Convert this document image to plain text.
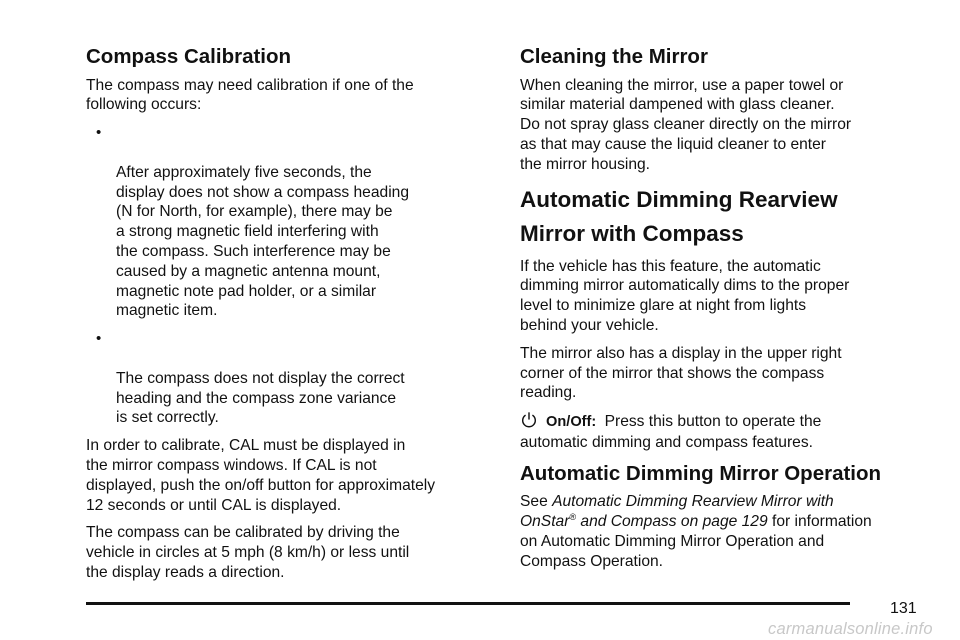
Compass Calibration

The compass may need calibration if one of the
following occurs:

•

After approximately five seconds, the
display does not show a compass heading
(N for North, for example), there may be
a strong magnetic field interfering with
the compass. Such interference may be
caused by a magnetic antenna mount,
magnetic note pad holder, or a similar
magnetic item.

•

The compass does not display the correct
heading and the compass zone variance
is set correctly.

In order to calibrate, CAL must be displayed in
the mirror compass windows. If CAL is not
displayed, push the on/off button for approximately
12 seconds or until CAL is displayed.

The compass can be calibrated by driving the
vehicle in circles at 5 mph (8 km/h) or less until
the display reads a direction.

Cleaning the Mirror

When cleaning the mirror, use a paper towel or
similar material dampened with glass cleaner.
Do not spray glass cleaner directly on the mirror
as that may cause the liquid cleaner to enter
the mirror housing.

Automatic Dimming Rearview
Mirror with Compass

If the vehicle has this feature, the automatic
dimming mirror automatically dims to the proper
level to minimize glare at night from lights
behind your vehicle.

The mirror also has a display in the upper right
corner of the mirror that shows the compass
reading.

On/Off: Press this button to operate the
automatic dimming and compass features.

Automatic Dimming Mirror Operation

See Automatic Dimming Rearview Mirror with
OnStar® and Compass on page 129 for information
on Automatic Dimming Mirror Operation and
Compass Operation.

131
carmanualsonline.info
